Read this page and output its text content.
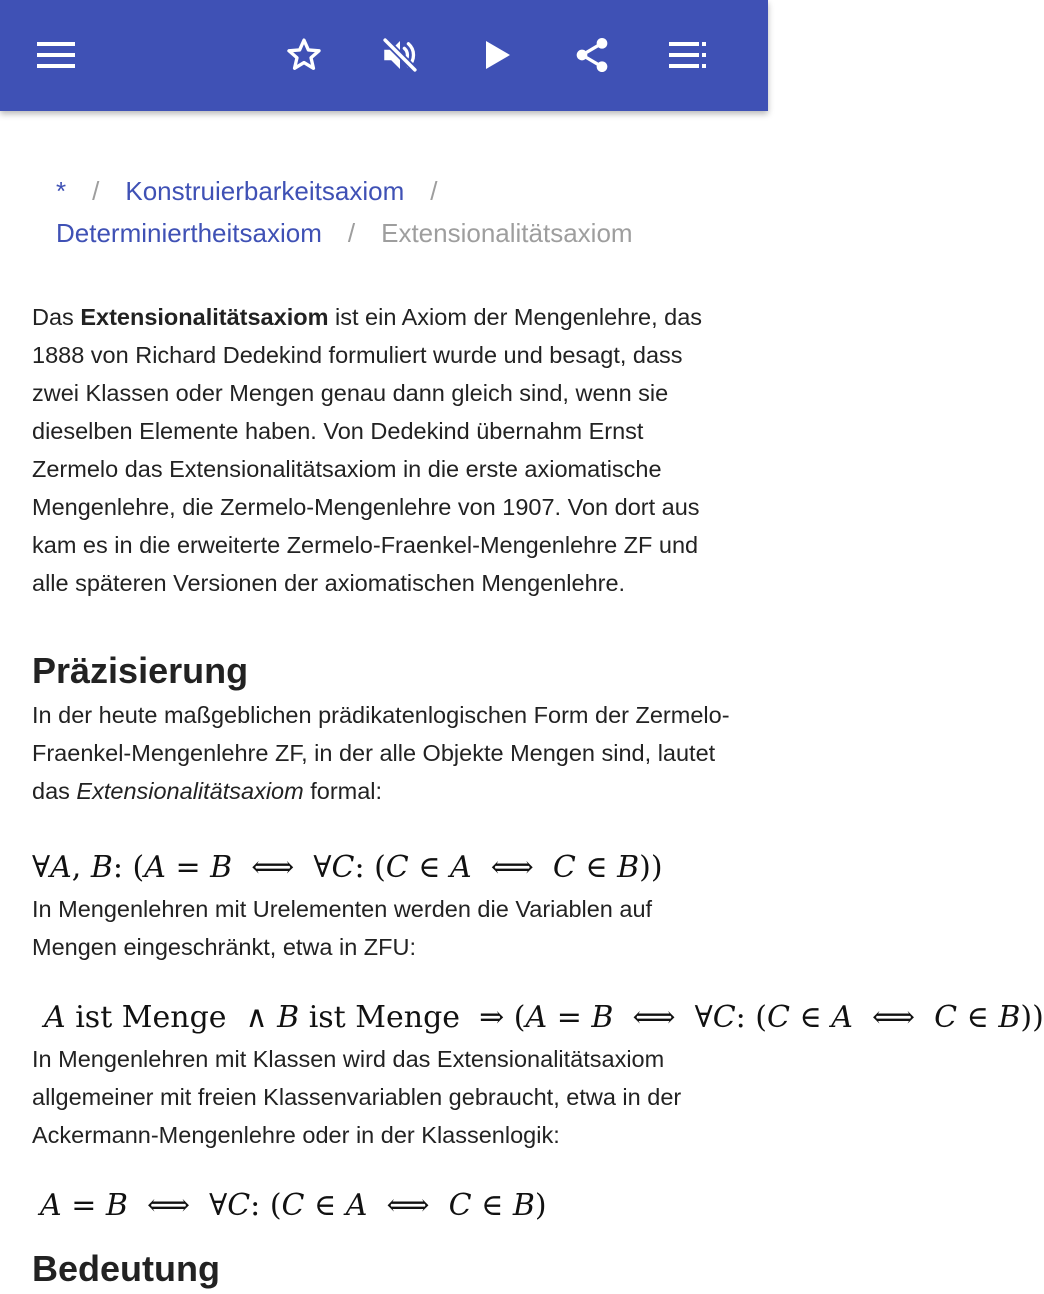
* / Konstruierbarkeitsaxiom /
Determiniertheitsaxiom / Extensionalitätsaxiom

Das Extensionalitätsaxiom ist ein Axiom der Mengenlehre, das 1888 von Richard Dedekind formuliert wurde und besagt, dass zwei Klassen oder Mengen genau dann gleich sind, wenn sie dieselben Elemente haben. Von Dedekind übernahm Ernst Zermelo das Extensionalitätsaxiom in die erste axiomatische Mengenlehre, die Zermelo-Mengenlehre von 1907. Von dort aus kam es in die erweiterte Zermelo-Fraenkel-Mengenlehre ZF und alle späteren Versionen der axiomatischen Mengenlehre.

Präzisierung

In der heute maßgeblichen prädikatenlogischen Form der Zermelo-Fraenkel-Mengenlehre ZF, in der alle Objekte Mengen sind, lautet das Extensionalitätsaxiom formal:

∀A, B: (A = B  ⟺  ∀C: (C ∈ A  ⟺  C ∈ B))

In Mengenlehren mit Urelementen werden die Variablen auf Mengen eingeschränkt, etwa in ZFU:

A ist Menge  ∧ B ist Menge  ⇒ (A = B  ⟺  ∀C: (C ∈ A  ⟺  C ∈ B))

In Mengenlehren mit Klassen wird das Extensionalitätsaxiom allgemeiner mit freien Klassenvariablen gebraucht, etwa in der Ackermann-Mengenlehre oder in der Klassenlogik:

A = B  ⟺  ∀C: (C ∈ A  ⟺  C ∈ B)
Bedeutung
